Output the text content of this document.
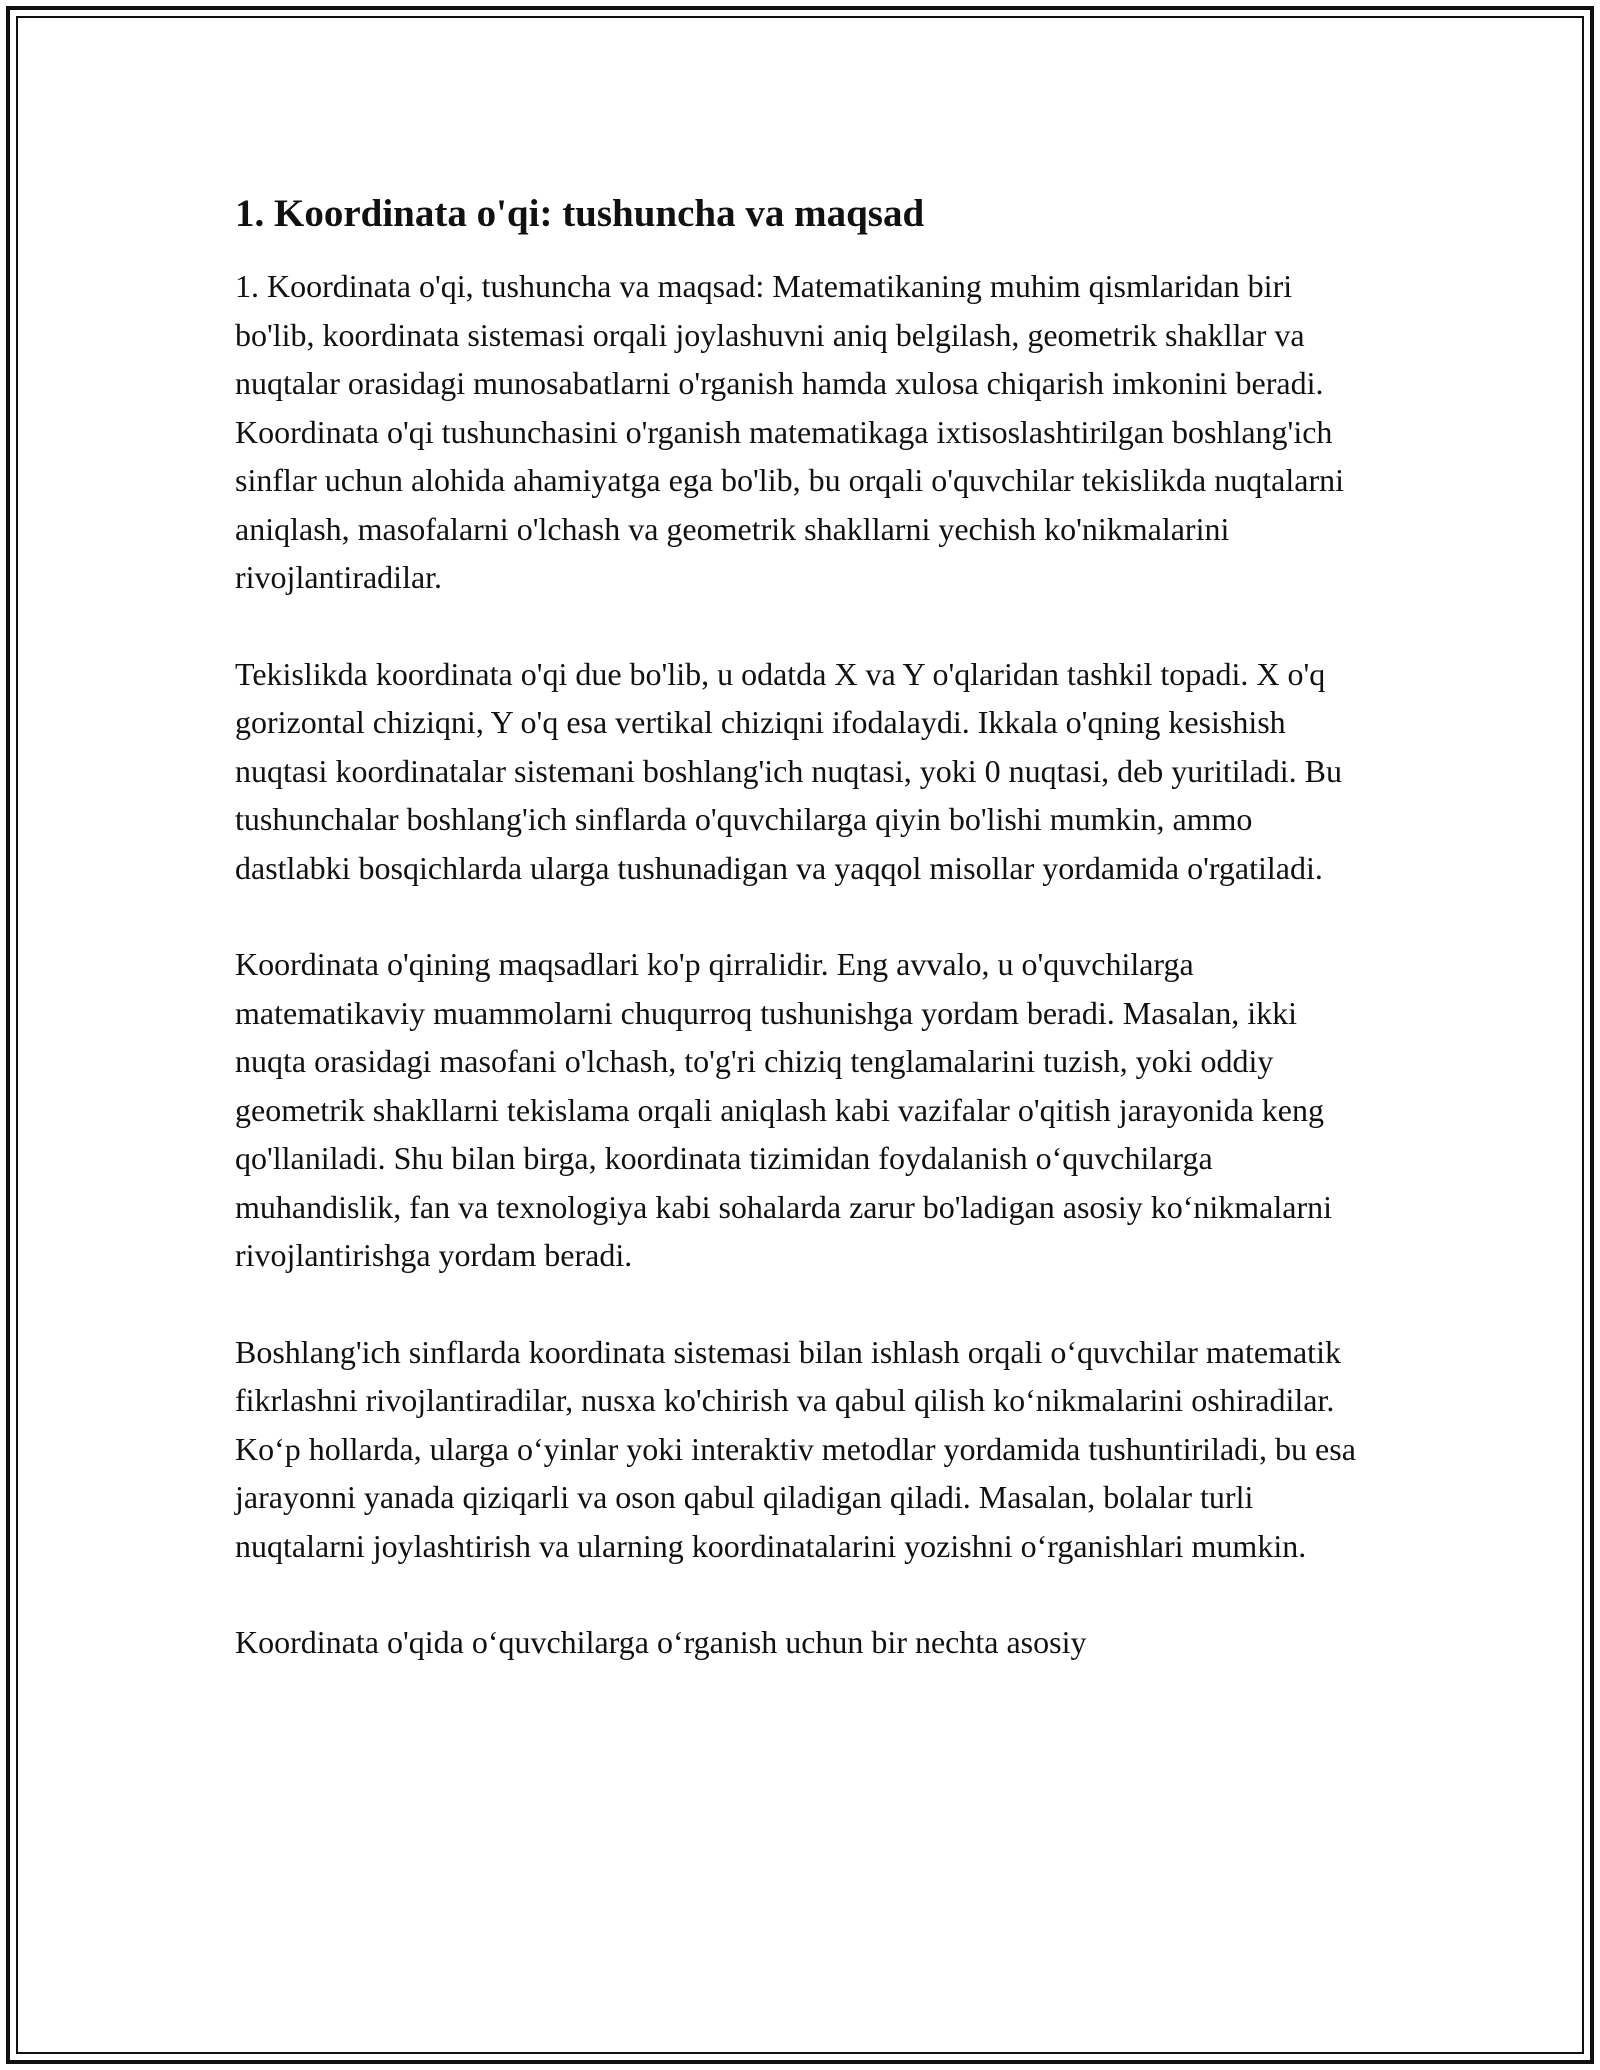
1. Koordinata o'qi: tushuncha va maqsad

1. Koordinata o'qi, tushuncha va maqsad: Matematikaning muhim qismlaridan biri bo'lib, koordinata sistemasi orqali joylashuvni aniq belgilash, geometrik shakllar va nuqtalar orasidagi munosabatlarni o'rganish hamda xulosa chiqarish imkonini beradi. Koordinata o'qi tushunchasini o'rganish matematikaga ixtisoslashtirilgan boshlang'ich sinflar uchun alohida ahamiyatga ega bo'lib, bu orqali o'quvchilar tekislikda nuqtalarni aniqlash, masofalarni o'lchash va geometrik shakllarni yechish ko'nikmalarini rivojlantiradilar.

Tekislikda koordinata o'qi due bo'lib, u odatda X va Y o'qlaridan tashkil topadi. X o'q gorizontal chiziqni, Y o'q esa vertikal chiziqni ifodalaydi. Ikkala o'qning kesishish nuqtasi koordinatalar sistemani boshlang'ich nuqtasi, yoki 0 nuqtasi, deb yuritiladi. Bu tushunchalar boshlang'ich sinflarda o'quvchilarga qiyin bo'lishi mumkin, ammo dastlabki bosqichlarda ularga tushunadigan va yaqqol misollar yordamida o'rgatiladi.

Koordinata o'qining maqsadlari ko'p qirralidir. Eng avvalo, u o'quvchilarga matematikaviy muammolarni chuqurroq tushunishga yordam beradi. Masalan, ikki nuqta orasidagi masofani o'lchash, to'g'ri chiziq tenglamalarini tuzish, yoki oddiy geometrik shakllarni tekislama orqali aniqlash kabi vazifalar o'qitish jarayonida keng qo'llaniladi. Shu bilan birga, koordinata tizimidan foydalanish o‘quvchilarga muhandislik, fan va texnologiya kabi sohalarda zarur bo'ladigan asosiy ko‘nikmalarni rivojlantirishga yordam beradi.

Boshlang'ich sinflarda koordinata sistemasi bilan ishlash orqali o‘quvchilar matematik fikrlashni rivojlantiradilar, nusxa ko'chirish va qabul qilish ko‘nikmalarini oshiradilar. Ko‘p hollarda, ularga o‘yinlar yoki interaktiv metodlar yordamida tushuntiriladi, bu esa jarayonni yanada qiziqarli va oson qabul qiladigan qiladi. Masalan, bolalar turli nuqtalarni joylashtirish va ularning koordinatalarini yozishni o‘rganishlari mumkin.

Koordinata o'qida o‘quvchilarga o‘rganish uchun bir nechta asosiy
